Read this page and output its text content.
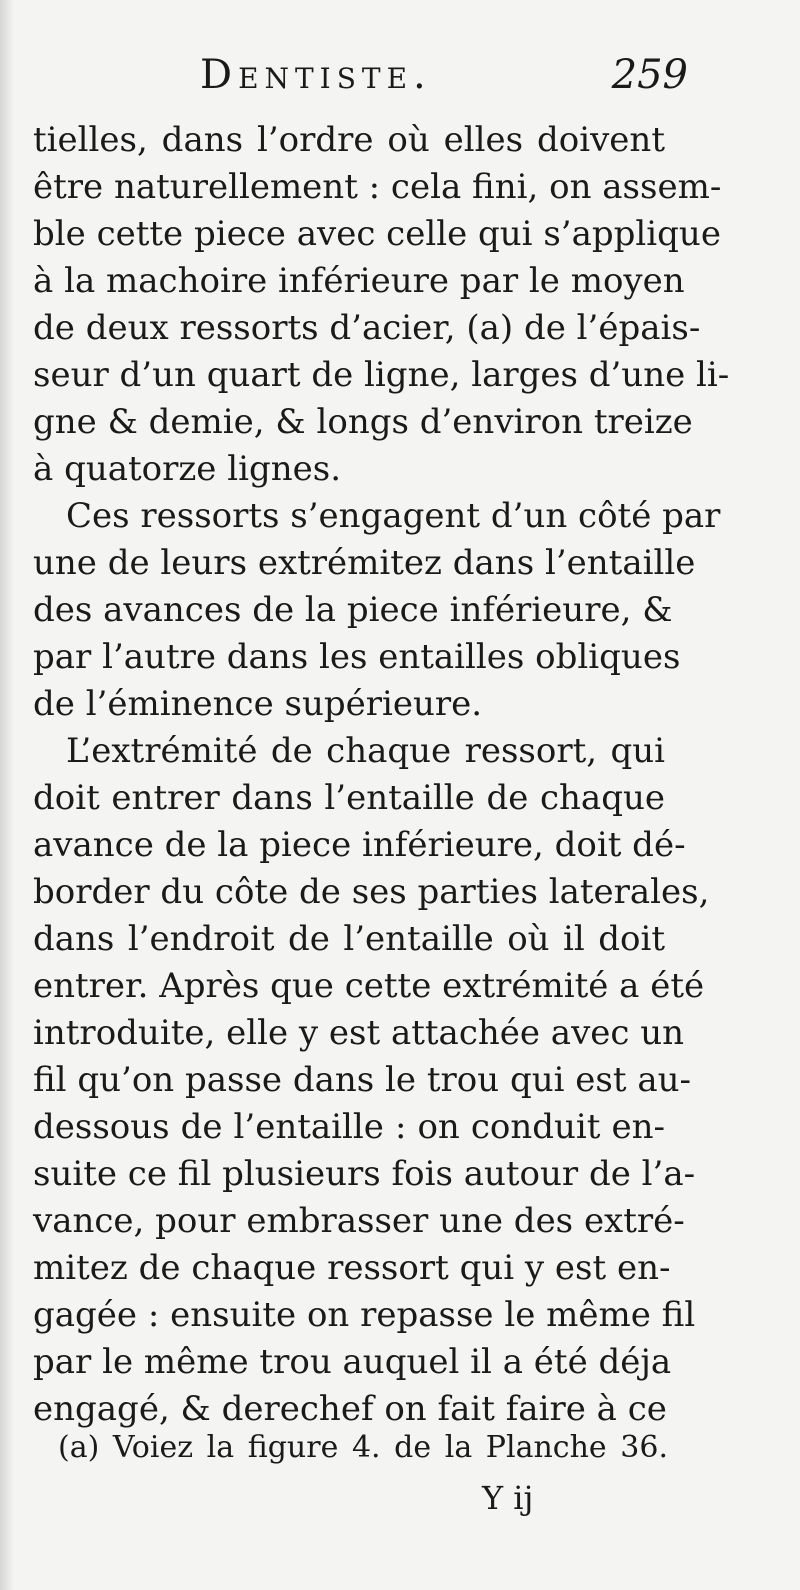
Dentiste.	259
tielles, dans l’ordre où elles doivent
être naturellement : cela fini, on assem-
ble cette piece avec celle qui s’applique
à la machoire inférieure par le moyen
de deux ressorts d’acier, (a) de l’épais-
seur d’un quart de ligne, larges d’une li-
gne & demie, & longs d’environ treize
à quatorze lignes.
Ces ressorts s’engagent d’un côté par
une de leurs extrémitez dans l’entaille
des avances de la piece inférieure, &
par l’autre dans les entailles obliques
de l’éminence supérieure.
L’extrémité de chaque ressort, qui
doit entrer dans l’entaille de chaque
avance de la piece inférieure, doit dé-
border du côte de ses parties laterales,
dans l’endroit de l’entaille où il doit
entrer. Après que cette extrémité a été
introduite, elle y est attachée avec un
fil qu’on passe dans le trou qui est au-
dessous de l’entaille : on conduit en-
suite ce fil plusieurs fois autour de l’a-
vance, pour embrasser une des extré-
mitez de chaque ressort qui y est en-
gagée : ensuite on repasse le même fil
par le même trou auquel il a été déja
engagé, & derechef on fait faire à ce
(a) Voiez la figure 4. de la Planche 36.
Y ij
